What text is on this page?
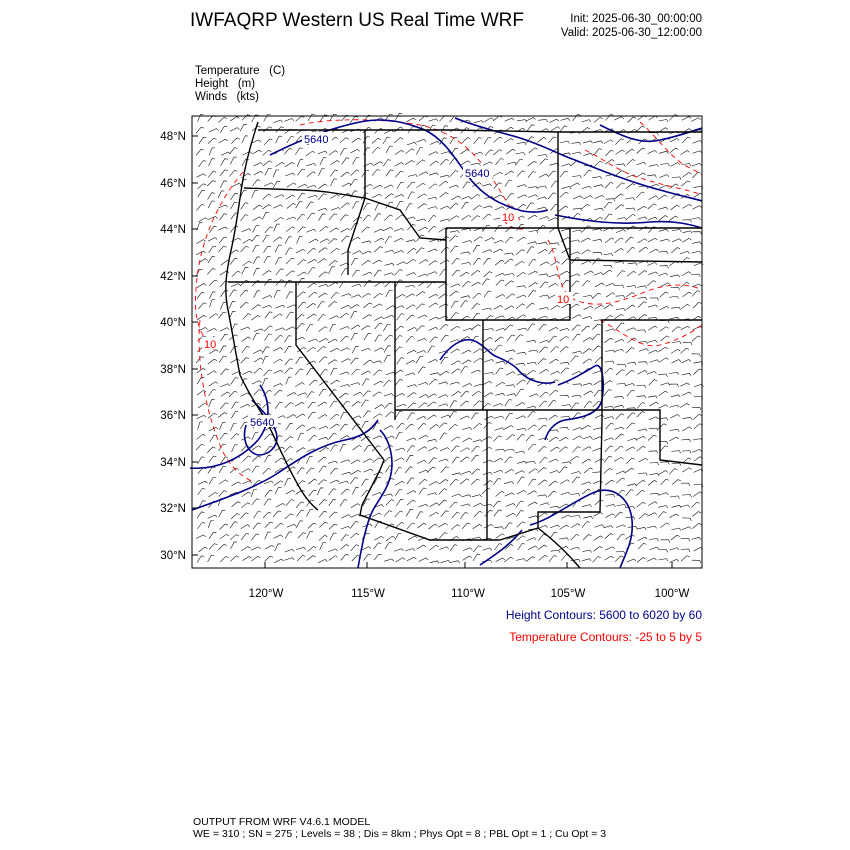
IWFAQRP Western US Real Time WRF	Init: 2025-06-30_00:00:00
Valid: 2025-06-30_12:00:00
Temperature (C)
Height (m)
Winds (kts)
5640
5640
5640
10
10
10
48°N
46°N
44°N
42°N
40°N
38°N
36°N
34°N
32°N
30°N
120°W	115°W	110°W	105°W	100°W
Height Contours: 5600 to 6020 by 60
Temperature Contours: -25 to 5 by 5
OUTPUT FROM WRF V4.6.1 MODEL
WE = 310 ; SN = 275 ; Levels = 38 ; Dis = 8km ; Phys Opt = 8 ; PBL Opt = 1 ; Cu Opt = 3
